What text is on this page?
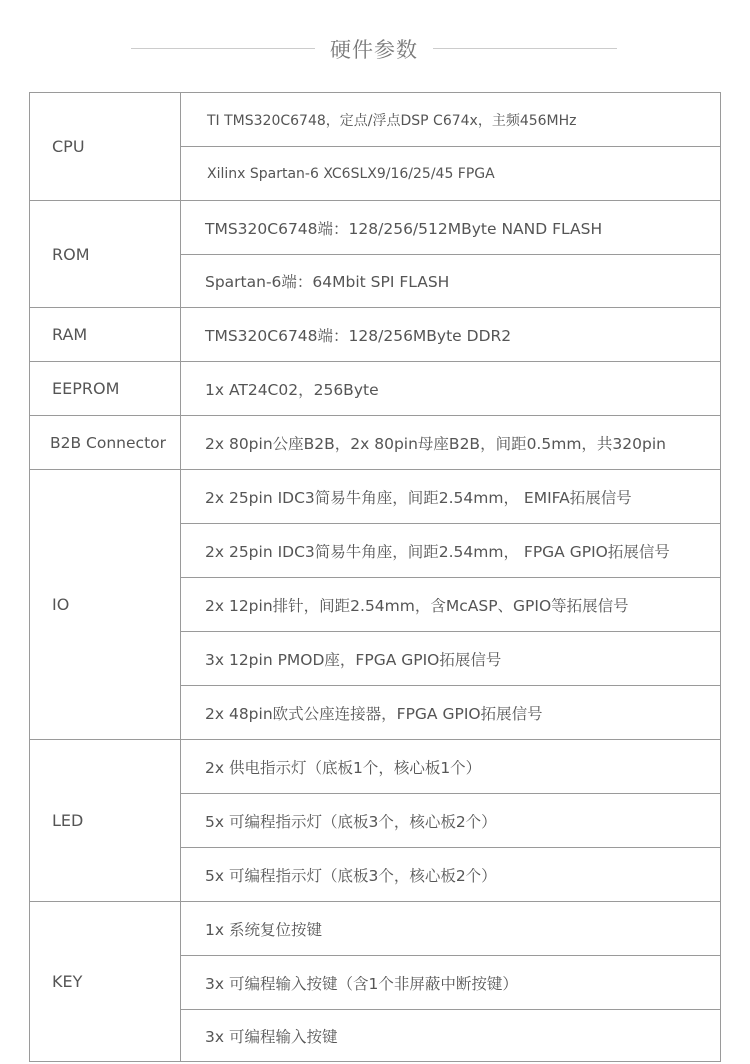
硬件参数
CPU	TI TMS320C6748，定点/浮点DSP C674x，主频456MHz
	Xilinx Spartan-6 XC6SLX9/16/25/45 FPGA
ROM	TMS320C6748端：128/256/512MByte NAND FLASH
	Spartan-6端：64Mbit SPI FLASH
RAM	TMS320C6748端：128/256MByte DDR2
EEPROM	1x AT24C02，256Byte
B2B Connector	2x 80pin公座B2B，2x 80pin母座B2B，间距0.5mm，共320pin
IO	2x 25pin IDC3简易牛角座，间距2.54mm， EMIFA拓展信号
	2x 25pin IDC3简易牛角座，间距2.54mm， FPGA GPIO拓展信号
	2x 12pin排针，间距2.54mm，含McASP、GPIO等拓展信号
	3x 12pin PMOD座，FPGA GPIO拓展信号
	2x 48pin欧式公座连接器，FPGA GPIO拓展信号
LED	2x 供电指示灯（底板1个，核心板1个）
	5x 可编程指示灯（底板3个，核心板2个）
	5x 可编程指示灯（底板3个，核心板2个）
KEY	1x 系统复位按键
	3x 可编程输入按键（含1个非屏蔽中断按键）
	3x 可编程输入按键
